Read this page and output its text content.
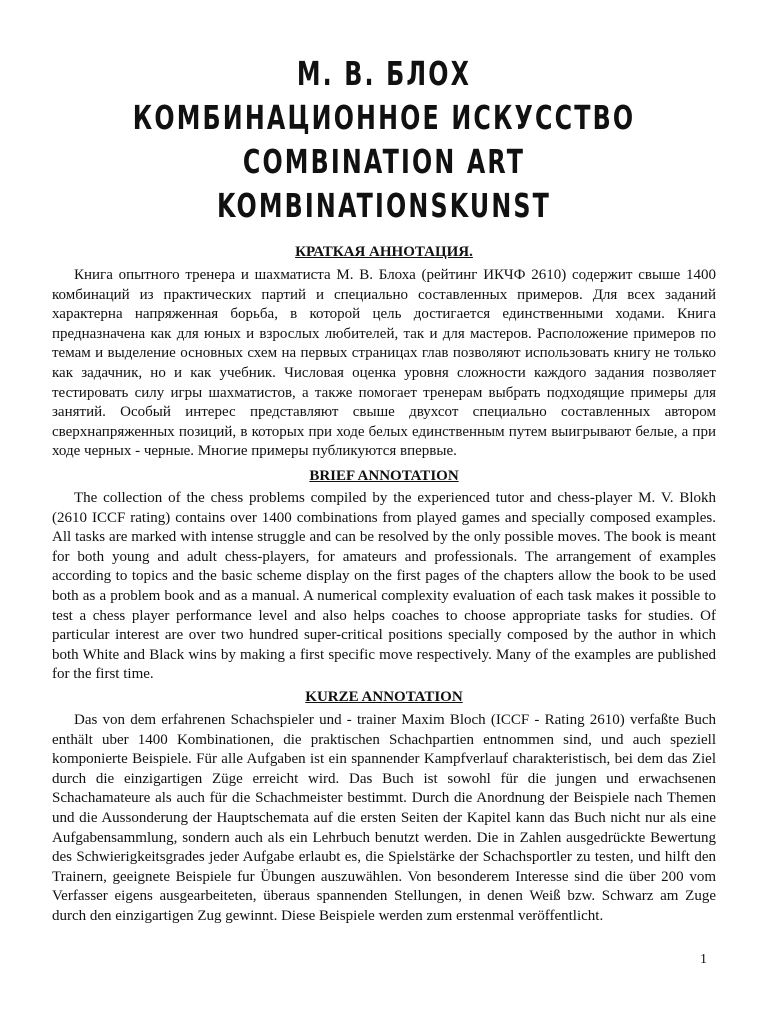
М. В. БЛОХ

КОМБИНАЦИОННОЕ ИСКУССТВО

COMBINATION ART

KOMBINATIONSKUNST

КРАТКАЯ АННОТАЦИЯ.

Книга опытного тренера и шахматиста М. В. Блоха (рейтинг ИКЧФ 2610) содержит свыше 1400 комбинаций из практических партий и специально составленных примеров. Для всех заданий характерна напряженная борьба, в которой цель достигается единственными ходами. Книга предназначена как для юных и взрослых любителей, так и для мастеров. Расположение примеров по темам и выделение основных схем на первых страницах глав позволяют использовать книгу не только как задачник, но и как учебник. Числовая оценка уровня сложности каждого задания позволяет тестировать силу игры шахматистов, а также помогает тренерам выбрать подходящие примеры для занятий. Особый интерес представляют свыше двухсот специально составленных автором сверхнапряженных позиций, в которых при ходе белых единственным путем выигрывают белые, а при ходе черных - черные. Многие примеры публикуются впервые.

BRIEF ANNOTATION

The collection of the chess problems compiled by the experienced tutor and chess-player M. V. Blokh (2610 ICCF rating) contains over 1400 combinations from played games and specially composed examples. All tasks are marked with intense struggle and can be resolved by the only possible moves. The book is meant for both young and adult chess-players, for amateurs and professionals. The arrangement of examples according to topics and the basic scheme display on the first pages of the chapters allow the book to be used both as a problem book and as a manual. A numerical complexity evaluation of each task makes it possible to test a chess player performance level and also helps coaches to choose appropriate tasks for studies. Of particular interest are over two hundred super-critical positions specially composed by the author in which both White and Black wins by making a first specific move respectively. Many of the examples are published for the first time.

KURZE ANNOTATION

Das von dem erfahrenen Schachspieler und - trainer Maxim Bloch (ICCF - Rating 2610) verfaßte Buch enthält uber 1400 Kombinationen, die praktischen Schachpartien entnommen sind, und auch speziell komponierte Beispiele. Für alle Aufgaben ist ein spannender Kampfverlauf charakteristisch, bei dem das Ziel durch die einzigartigen Züge erreicht wird. Das Buch ist sowohl für die jungen und erwachsenen Schachamateure als auch für die Schachmeister bestimmt. Durch die Anordnung der Beispiele nach Themen und die Aussonderung der Hauptschemata auf die ersten Seiten der Kapitel kann das Buch nicht nur als eine Aufgabensammlung, sondern auch als ein Lehrbuch benutzt werden. Die in Zahlen ausgedrückte Bewertung des Schwierigkeitsgrades jeder Aufgabe erlaubt es, die Spielstärke der Schachsportler zu testen, und hilft den Trainern, geeignete Beispiele fur Übungen auszuwählen. Von besonderem Interesse sind die über 200 vom Verfasser eigens ausgearbeiteten, überaus spannenden Stellungen, in denen Weiß bzw. Schwarz am Zuge durch den einzigartigen Zug gewinnt. Diese Beispiele werden zum erstenmal veröffentlicht.

1
